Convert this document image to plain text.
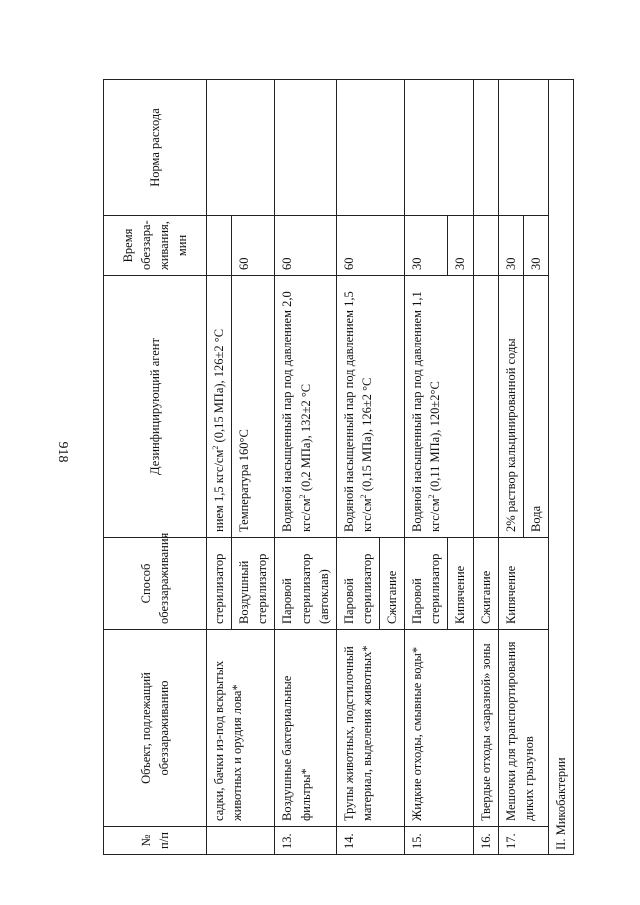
918
№ п/п	Объект, подлежащий обеззараживанию	Способ обеззараживания	Дезинфицирующий агент	Время обеззара-живания, мин	Норма расхода
	садки, бачки из-под вскрытых животных и орудия лова*	стерилизатор	нием 1,5 кгс/$см^2$ (0,15 МПа), 126±2 °С		
		Воздушный стерилизатор	Температура 160°С	60	
13.	Воздушные бактериальные фильтры*	Паровой стерилизатор (автоклав)	Водяной насыщенный пар под давлением 2,0 кгс/$см^2$ (0,2 МПа), 132±2 °С	60	
14.	Трупы животных, подстилочный материал, выделения животных*	Паровой стерилизатор	Водяной насыщенный пар под давлением 1,5 кгс/$см^2$ (0,15 МПа), 126±2 °С	60	
		Сжигание			
15.	Жидкие отходы, смывные воды*	Паровой стерилизатор	Водяной насыщенный пар под давлением 1,1 кгс/$см^2$ (0,11 МПа), 120±2°С	30	
		Кипячение		30	
16.	Твердые отходы «заразной» зоны	Сжигание			
17.	Мешочки для транспортирования диких грызунов	Кипячение	2% раствор кальцинированной соды	30	
			Вода	30	
II. Микобактерии					
